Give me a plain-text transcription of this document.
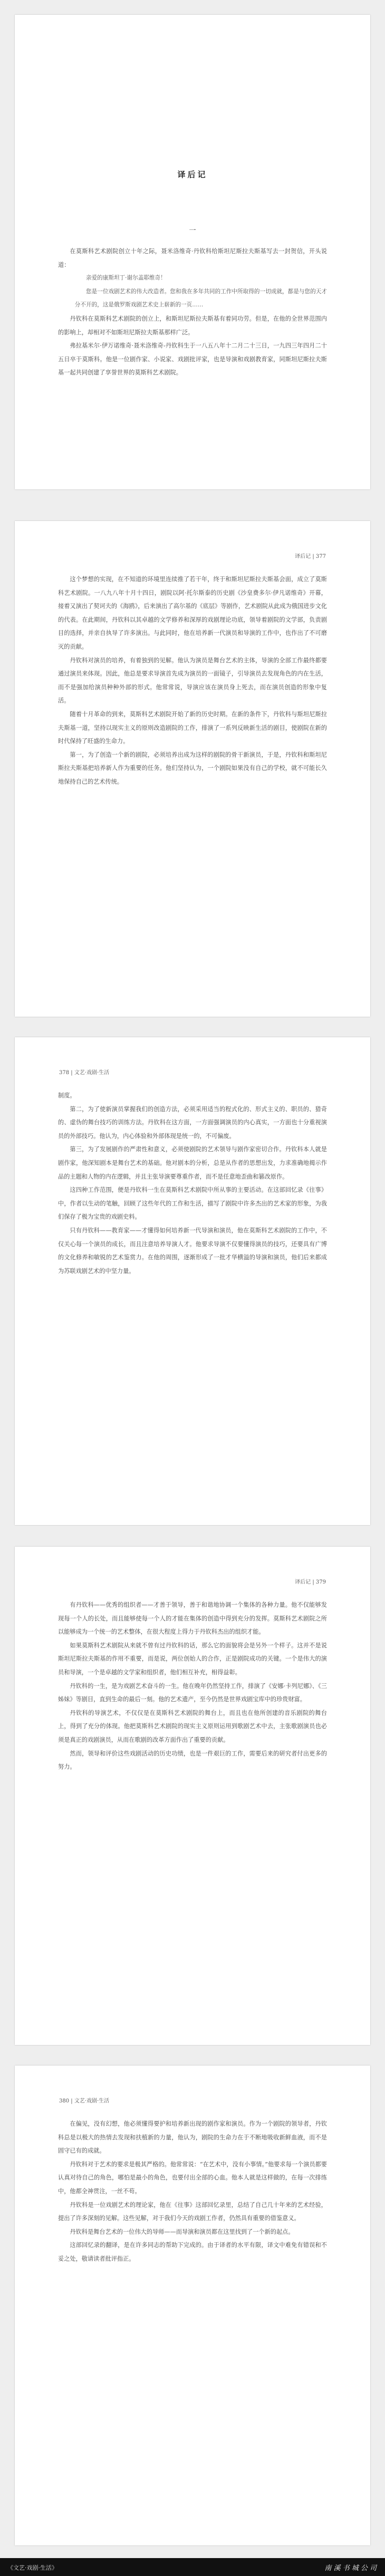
译后记
一

在莫斯科艺术剧院创立十年之际，聂米洛维奇·丹钦科给斯坦尼斯拉夫斯基写去一封贺信，开头说道：

亲爱的康斯坦丁·谢尔盖耶维奇！

您是一位戏剧艺术的伟大改造者。您和我在多年共同的工作中所取得的一切成就，都是与您的天才分不开的，这是俄罗斯戏剧艺术史上崭新的一页……

丹钦科在莫斯科艺术剧院的创立上，和斯坦尼斯拉夫斯基有着同功劳。但是，在他的全世界范围内的影响上，却相对不如斯坦尼斯拉夫斯基那样广泛。

弗拉基米尔·伊万诺维奇·聂米洛维奇-丹钦科生于一八五八年十二月二十三日，一九四三年四月二十五日卒于莫斯科。他是一位剧作家、小说家、戏剧批评家，也是导演和戏剧教育家，同斯坦尼斯拉夫斯基一起共同创建了享誉世界的莫斯科艺术剧院。

译后记 | 377

这个梦想的实现，在不知道的环境里连续推了若干年，终于和斯坦尼斯拉夫斯基会面，成立了莫斯科艺术剧院。一八九八年十月十四日，剧院以阿·托尔斯泰的历史剧《沙皇费多尔·伊凡诺维奇》开幕，接着又演出了契诃夫的《海鸥》，后来演出了高尔基的《底层》等剧作，艺术剧院从此成为俄国进步文化的代表。在此期间，丹钦科以其卓越的文学修养和深厚的戏剧理论功底，领导着剧院的文学部，负责剧目的选择，并亲自执导了许多演出。与此同时，他在培养新一代演员和导演的工作中，也作出了不可磨灭的贡献。

丹钦科对演员的培养，有着独到的见解。他认为演员是舞台艺术的主体，导演的全部工作最终都要通过演员来体现。因此，他总是要求导演首先成为演员的一面镜子，引导演员去发现角色的内在生活，而不是强加给演员种种外部的形式。他常常说，导演应该在演员身上死去，而在演员创造的形象中复活。

随着十月革命的到来，莫斯科艺术剧院开始了新的历史时期。在新的条件下，丹钦科与斯坦尼斯拉夫斯基一道，坚持以现实主义的原则改造剧院的工作，排演了一系列反映新生活的剧目，使剧院在新的时代保持了旺盛的生命力。

第一，为了创造一个新的剧院，必须培养出成为这样的剧院的骨干新演员，于是，丹钦科和斯坦尼斯拉夫斯基把培养新人作为重要的任务。他们坚持认为，一个剧院如果没有自己的学校，就不可能长久地保持自己的艺术传统。

378 | 文艺·戏剧·生活

制度。

第二，为了使新演员掌握我们的创造方法，必须采用适当的程式化的、形式主义的、职员的、猎奇的、虚伪的舞台技巧的训练方法。丹钦科在这方面，一方面强调演员的内心真实，一方面也十分重视演员的外部技巧。他认为，内心体验和外部体现是统一的，不可偏废。

第三，为了发展剧作的严肃性和意义，必须使剧院的艺术领导与剧作家密切合作。丹钦科本人就是剧作家，他深知剧本是舞台艺术的基础。他对剧本的分析，总是从作者的思想出发，力求准确地揭示作品的主题和人物的内在逻辑，并且主张导演要尊重作者，而不是任意地歪曲和篡改原作。

这四种工作范围，便是丹钦科一生在莫斯科艺术剧院中所从事的主要活动。在这部回忆录《往事》中，作者以生动的笔触，回顾了这些年代的工作和生活，描写了剧院中许多杰出的艺术家的形象，为我们保存了极为宝贵的戏剧史料。

只有丹钦科——教育家——才懂得如何培养新一代导演和演员，他在莫斯科艺术剧院的工作中，不仅关心每一个演员的成长，而且注意培养导演人才。他要求导演不仅要懂得演员的技巧，还要具有广博的文化修养和敏锐的艺术鉴赏力。在他的周围，逐渐形成了一批才华横溢的导演和演员，他们后来都成为苏联戏剧艺术的中坚力量。

译后记 | 379

有丹钦科——优秀的组织者——才善于领导，善于和谐地协调一个集体的各种力量。他不仅能够发现每一个人的长处，而且能够使每一个人的才能在集体的创造中得到充分的发挥。莫斯科艺术剧院之所以能够成为一个统一的艺术整体，在很大程度上得力于丹钦科杰出的组织才能。

如果莫斯科艺术剧院从来就不曾有过丹钦科的话，那么它的面貌将会是另外一个样子。这并不是说斯坦尼斯拉夫斯基的作用不重要，而是说，两位创始人的合作，正是剧院成功的关键。一个是伟大的演员和导演，一个是卓越的文学家和组织者，他们相互补充，相得益彰。

丹钦科的一生，是为戏剧艺术奋斗的一生。他在晚年仍然坚持工作，排演了《安娜·卡列尼娜》、《三姊妹》等剧目，直到生命的最后一刻。他的艺术遗产，至今仍然是世界戏剧宝库中的珍贵财富。

丹钦科的导演艺术，不仅仅是在莫斯科艺术剧院的舞台上，而且也在他所创建的音乐剧院的舞台上，得到了充分的体现。他把莫斯科艺术剧院的现实主义原则运用到歌剧艺术中去，主张歌剧演员也必须是真正的戏剧演员，从而在歌剧的改革方面作出了重要的贡献。

然而，领导和评价这些戏剧活动的历史功绩，也是一件艰巨的工作，需要后来的研究者付出更多的努力。

380 | 文艺·戏剧·生活

在偏见，没有幻想，他必须懂得要护和培养新出现的剧作家和演员。作为一个剧院的领导者，丹钦科总是以极大的热情去发现和扶植新的力量，他认为，剧院的生命力在于不断地吸收新鲜血液，而不是固守已有的成就。

丹钦科对于艺术的要求是极其严格的。他常常说：“在艺术中，没有小事情。”他要求每一个演员都要认真对待自己的角色，哪怕是最小的角色，也要付出全部的心血。他本人就是这样做的，在每一次排练中，他都全神贯注，一丝不苟。

丹钦科是一位戏剧艺术的理论家，他在《往事》这部回忆录里，总结了自己几十年来的艺术经验，提出了许多深刻的见解。这些见解，对于我们今天的戏剧工作者，仍然具有重要的借鉴意义。

丹钦科是舞台艺术的一位伟大的导师——而导演和演员都在这里找到了一个新的起点。

这部回忆录的翻译，是在许多同志的帮助下完成的。由于译者的水平有限，译文中难免有错误和不妥之处，敬请读者批评指正。

《文艺·戏剧·生活》	南 溪 书 城 公 司
